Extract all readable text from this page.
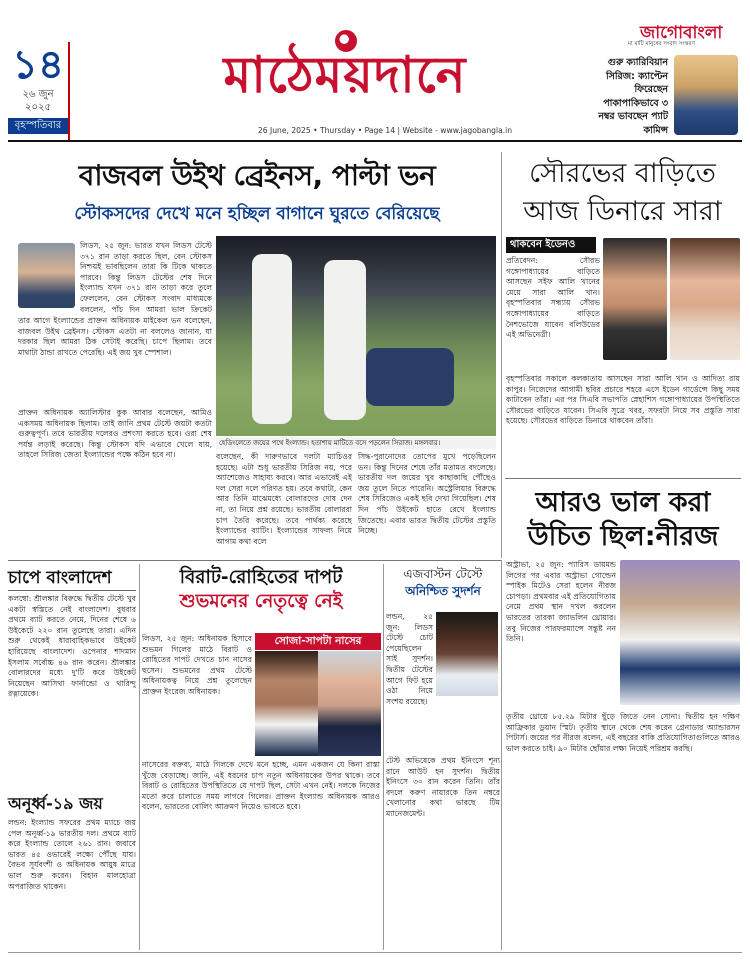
১৪
২৬ জুন
২০২৫
বৃহস্পতিবার
মাঠেময়দানে
26 June, 2025 • Thursday • Page 14 | Website - www.jagobangla.in
জাগোবাংলা
মা মাটি মানুষের সংবাদ সংস্করণ
গুরু ক্যারিবিয়ান সিরিজ: ক্যাপ্টেন ফিরেছেন পাকাপাকিভাবে ৩ নম্বর ভাবছেন প্যাট কামিন্স
বাজবল উইথ ব্রেইনস, পাল্টা ভন
স্টোকসদের দেখে মনে হচ্ছিল বাগানে ঘুরতে বেরিয়েছে
লিডস, ২৫ জুন: ভারত যখন লিডস টেস্টে ৩৭১ রান তাড়া করতে ছিল, বেন স্টোকস নিশ্চয়ই ভাবছিলেন তারা কি টিকে থাকতে পারবে। কিন্তু লিডস টেস্টের শেষ দিনে ইংল্যান্ড যখন ৩৭১ রান তাড়া করে তুলে ফেললেন, বেন স্টোকস সংবাদ মাধ্যমকে বললেন, পাঁচ দিন আমরা ভাল ক্রিকেট
তার আগে ইংল্যান্ডের প্রাক্তন অধিনায়ক মাইকেল ভন বলেছেন, বাজবল উইথ ব্রেইনস। স্টোকস এতটা না বললেও জানান, যা দরকার ছিল আমরা ঠিক সেটাই করেছি। চাপে ছিলাম। তবে মাথাটা ঠান্ডা রাখতে পেরেছি। এই জয় খুব স্পেশাল।
প্রাক্তন অধিনায়ক অ্যালিস্টার কুক আবার বলেছেন, আমিও একসময় অধিনায়ক ছিলাম। তাই জানি প্রথম টেস্টে জয়টা কতটা গুরুত্বপূর্ণ। তবে ভারতীয় দলেরও প্রশংসা করতে হবে। ওরা শেষ পর্যন্ত লড়াই করেছে। কিন্তু স্টোকস যদি এভাবে খেলে যায়, তাহলে সিরিজ জেতা ইংল্যান্ডের পক্ষে কঠিন হবে না।
হেডিংলেতে জয়ের পথে ইংল্যান্ড। হতাশায় মাটিতে বসে পড়লেন সিরাজ। মঙ্গলবার।
বলেছেন, কী দারুণভাবে দলটা ম্যাচিওর হয়েছে। এটা শুধু ভারতীয় সিরিজ নয়, পরে অ্যাশেজেও সাহায্য করবে। আর এভাবেই এই দল সেরা দলে পরিণত হয়। তবে কথাটা, কেন আর তিনি মাঝেমধ্যে বোলারদের দোষ দেন না, তা নিয়ে প্রশ্ন রয়েছে। ভারতীয় বোলাররা চাপ তৈরি করেছে। তবে পার্থক্য করেছে ইংল্যান্ডের ব্যাটিং। ইংল্যান্ডের সাফল্য নিয়ে আগাম কথা বলে
সিদ্ধ-পুরানোদের তোপের মুখে পড়েছিলেন ভন। কিন্তু দিনের শেষে তাঁর মতামত বদলেছে। ভারতীয় দল জয়ের খুব কাছাকাছি পৌঁছেও জয় তুলে নিতে পারেনি। অস্ট্রেলিয়ার বিরুদ্ধে শেষ সিরিজেও একই ছবি দেখা গিয়েছিল। শেষ দিন পাঁচ উইকেট হাতে রেখে ইংল্যান্ড জিতেছে। এবার ভারত দ্বিতীয় টেস্টের প্রস্তুতি নিচ্ছে।
সৌরভের বাড়িতে
আজ ডিনারে সারা
থাকবেন ইডেনও
প্রতিবেদন: সৌরভ গঙ্গোপাধ্যায়ের বাড়িতে আসছেন সইফ আলি খানের মেয়ে সারা আলি খান। বৃহস্পতিবার সন্ধ্যায় সৌরভ গঙ্গোপাধ্যায়ের বাড়িতে নৈশভোজে যাবেন বলিউডের এই অভিনেত্রী।
বৃহস্পতিবার সকালে কলকাতায় আসছেন সারা আলি খান ও আদিত্য রায় কাপুর। নিজেদের আগামী ছবির প্রচারে শহরে এসে ইডেন গার্ডেন্সে কিছু সময় কাটাবেন তাঁরা। এর পর সিএবি সভাপতি স্নেহাশিস গঙ্গোপাধ্যায়ের উপস্থিতিতে সৌরভের বাড়িতে যাবেন। সিএবি সূত্রে খবর, সফরটা নিয়ে সব প্রস্তুতি সারা হয়েছে। সৌরভের বাড়িতে ডিনারে থাকবেন তাঁরা।
আরও ভাল করা
উচিত ছিল:নীরজ
অস্ট্রাভা, ২৫ জুন: প্যারিস ডায়মন্ড লিগের পর এবার অস্ট্রাভা গোল্ডেন স্পাইক মিটেও সেরা হলেন নীরজ চোপড়া। প্রথমবার এই প্রতিযোগিতায় নেমে প্রথম স্থান দখল করলেন ভারতের তারকা জ্যাভলিন থ্রোয়ার। তবু নিজের পারফরম্যান্সে সন্তুষ্ট নন তিনি।
তৃতীয় থ্রোয়ে ৮৫.২৯ মিটার ছুঁড়ে জিতে নেন সোনা। দ্বিতীয় হন দক্ষিণ আফ্রিকার ডুয়ান স্মিট। তৃতীয় স্থানে থেকে শেষ করেন গ্রেনাডার অ্যান্ডারসন পিটার্স। জয়ের পর নীরজ বলেন, এই বছরের বাকি প্রতিযোগিতাগুলিতে আরও ভাল করতে চাই। ৯০ মিটার ছোঁয়ার লক্ষ্য নিয়েই পরিশ্রম করছি।
চাপে বাংলাদেশ
কলম্বো: শ্রীলঙ্কার বিরুদ্ধে দ্বিতীয় টেস্টে খুব একটা স্বস্তিতে নেই বাংলাদেশ। বুধবার প্রথমে ব্যাট করতে নেমে, দিনের শেষে ৬ উইকেটে ২২০ রান তুলেছে তারা। এদিন শুরু থেকেই ধারাবাহিকভাবে উইকেট হারিয়েছে বাংলাদেশ। ওপেনার শাদমান ইসলাম সর্বোচ্চ ৪৬ রান করেন। শ্রীলঙ্কার বোলারদের মধ্যে দু'টি করে উইকেট নিয়েছেন আসিথা ফার্নান্ডো ও থারিন্দু রত্নায়েকে।
অনূর্ধ্ব-১৯ জয়
লন্ডন: ইংল্যান্ড সফরের প্রথম ম্যাচে জয় পেল অনূর্ধ্ব-১৯ ভারতীয় দল। প্রথমে ব্যাট করে ইংল্যান্ড তোলে ২৬১ রান। জবাবে ভারত ৪৫ ওভারেই লক্ষ্যে পৌঁছে যায়। বৈভব সূর্যবংশী ও অধিনায়ক আয়ুষ মাত্রে ভাল শুরু করেন। বিহান মালহোত্রা অপরাজিত থাকেন।
বিরাট-রোহিতের দাপট
শুভমনের নেতৃত্বে নেই
লিডস, ২৫ জুন: অধিনায়ক হিসাবে শুভমন গিলের মাঠে বিরাট ও রোহিতের দাপট দেখতে চান নাসের হুসেন। শুভমনের প্রথম টেস্টে অধিনায়কত্ব নিয়ে প্রশ্ন তুলেছেন প্রাক্তন ইংরেজ অধিনায়ক।
সোজা-সাপটা নাসের
নাসেরের বক্তব্য, মাঠে গিলকে দেখে মনে হচ্ছে, এমন একজন যে কিনা রাস্তা খুঁজে বেড়াচ্ছে। জানি, এই ধরনের চাপ নতুন অধিনায়কের উপর থাকে। তবে বিরাট ও রোহিতের উপস্থিতিতে যে দাপট ছিল, সেটা এখন নেই। দলকে নিজের মতো করে চালাতে সময় লাগবে গিলের। প্রাক্তন ইংল্যান্ড অধিনায়ক আরও বলেন, ভারতের বোলিং আক্রমণ নিয়েও ভাবতে হবে।
এজবাস্টন টেস্টে
অনিশ্চিত সুদর্শন
লন্ডন, ২৫ জুন: লিডস টেস্টে চোট পেয়েছিলেন সাই সুদর্শন। দ্বিতীয় টেস্টের আগে ফিট হয়ে ওঠা নিয়ে সংশয় রয়েছে।
টেস্ট অভিষেকে প্রথম ইনিংসে শূন্য রানে আউট হন সুদর্শন। দ্বিতীয় ইনিংসে ৩০ রান করেন তিনি। তাঁর বদলে করুণ নায়ারকে তিন নম্বরে খেলানোর কথা ভাবছে টিম ম্যানেজমেন্ট।
